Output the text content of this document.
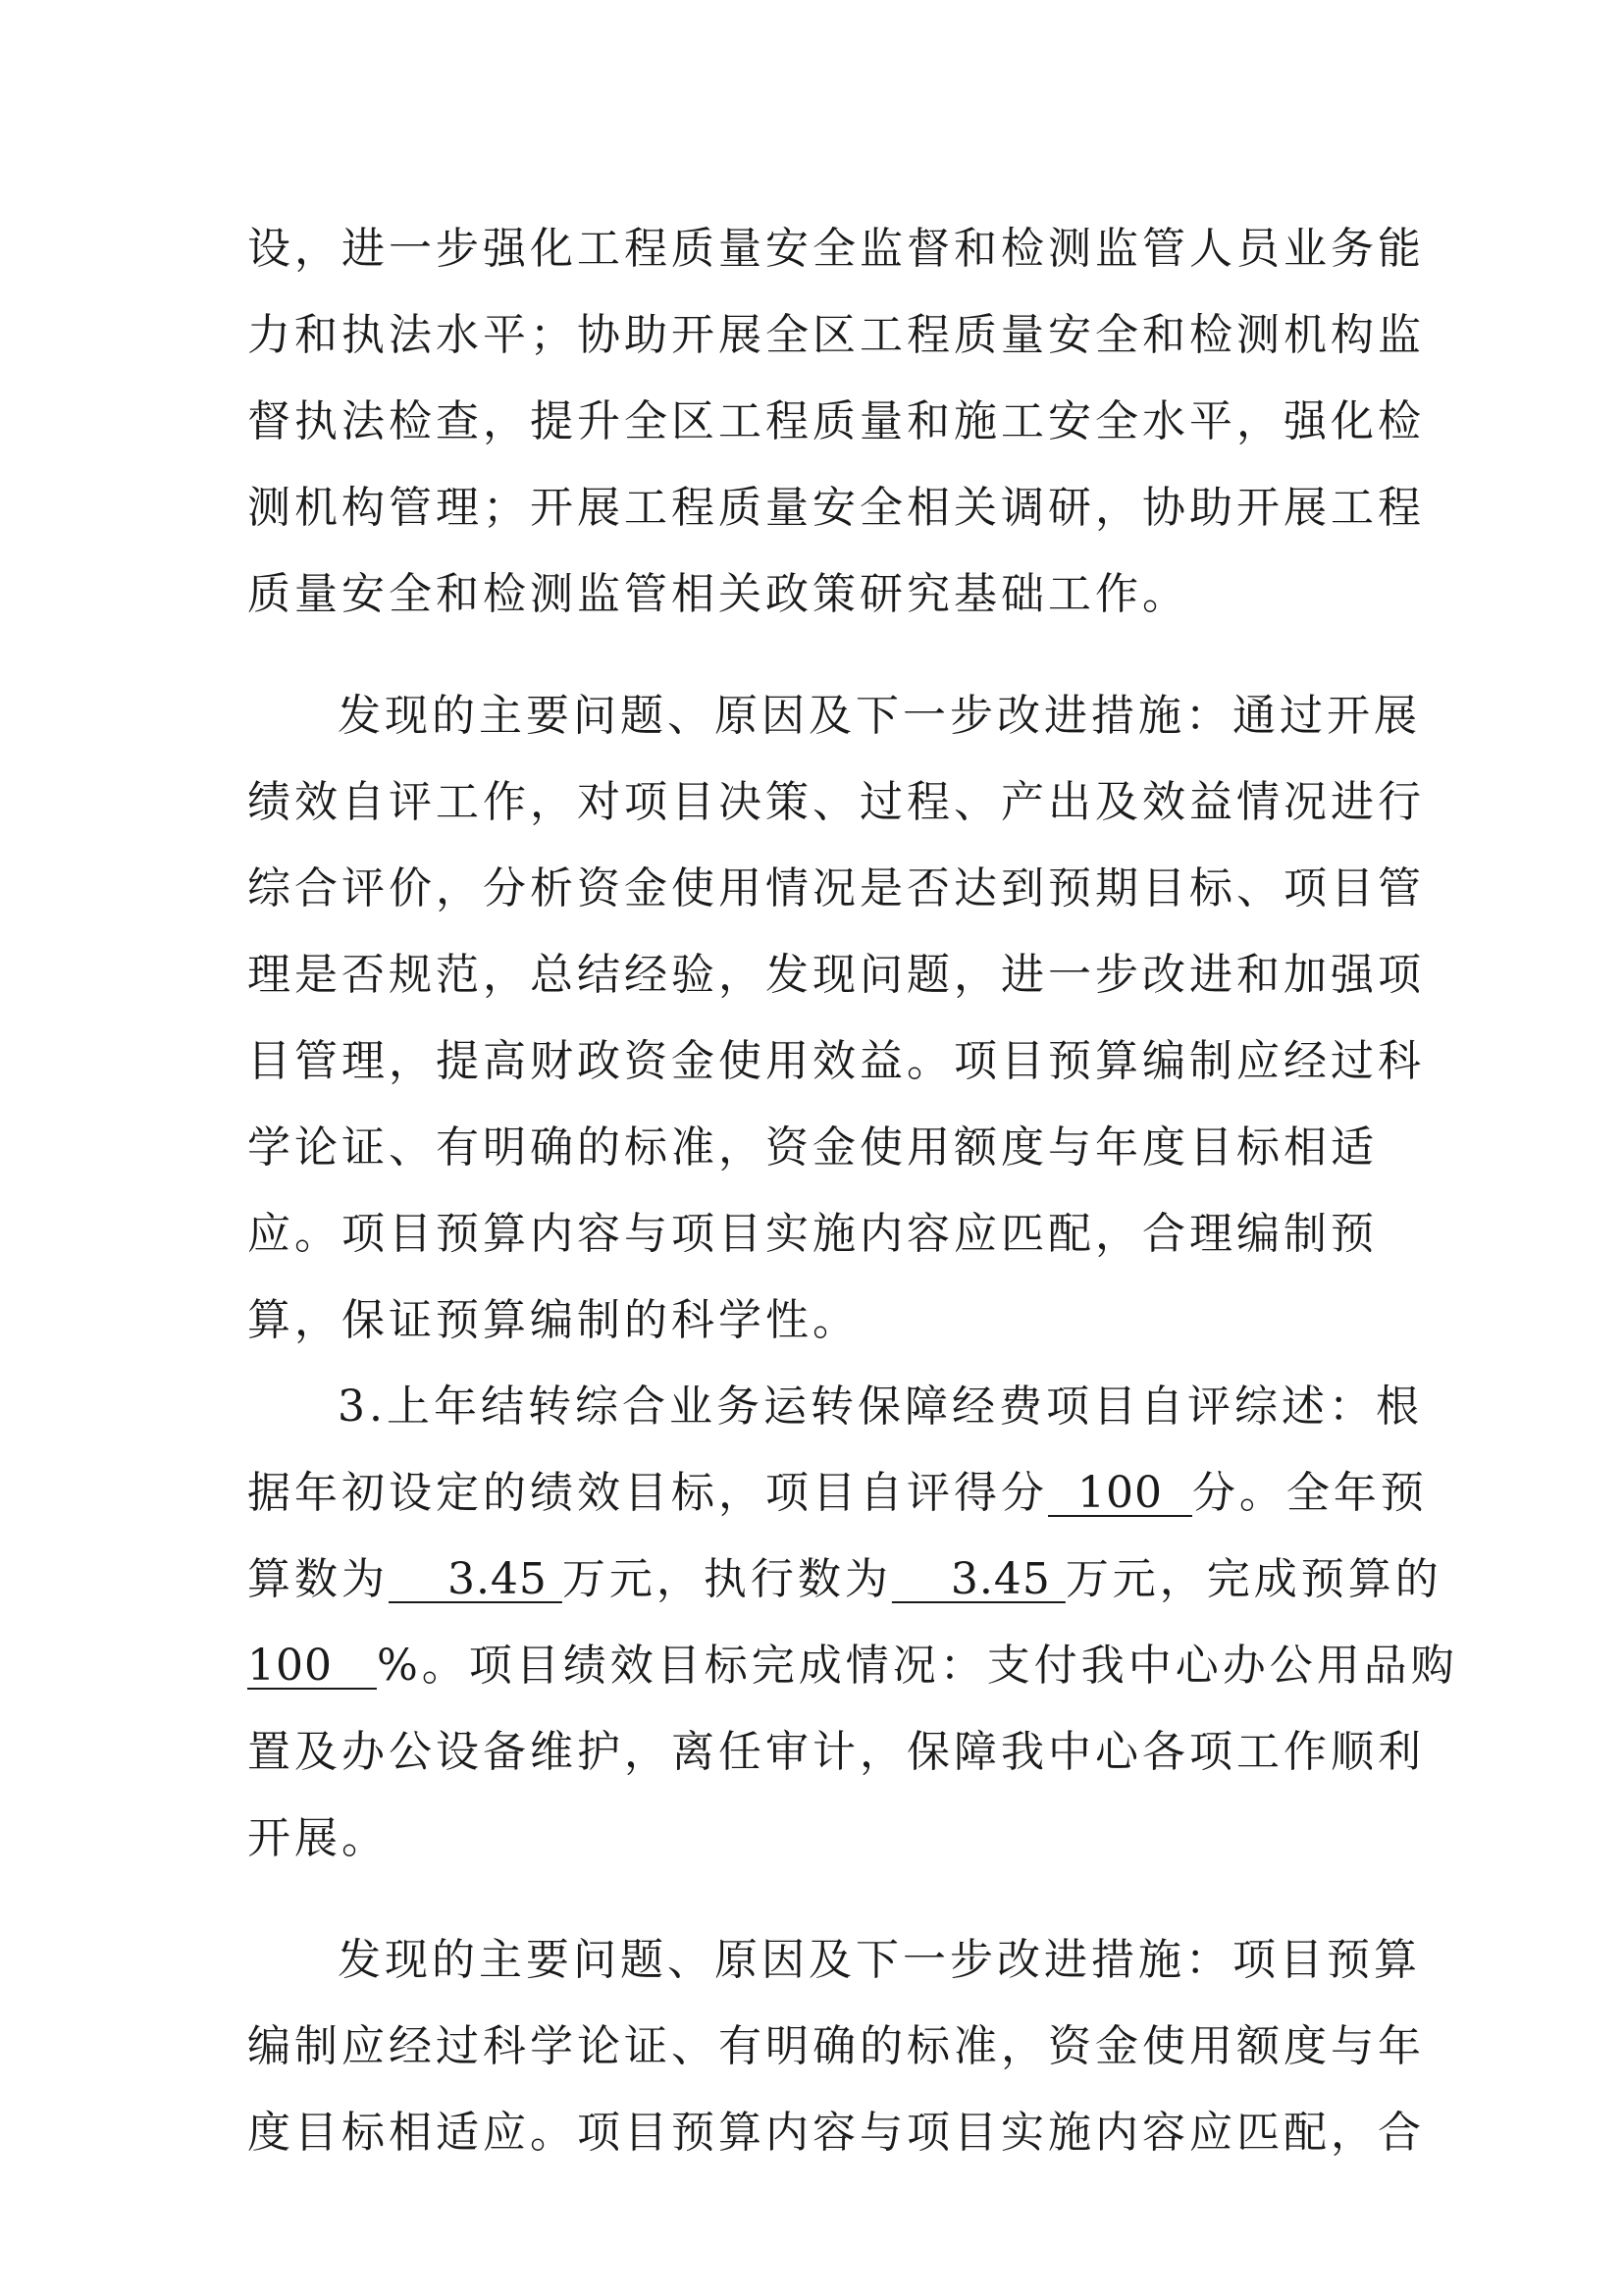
设，进一步强化工程质量安全监督和检测监管人员业务能
力和执法水平；协助开展全区工程质量安全和检测机构监
督执法检查，提升全区工程质量和施工安全水平，强化检
测机构管理；开展工程质量安全相关调研，协助开展工程
质量安全和检测监管相关政策研究基础工作。
发现的主要问题、原因及下一步改进措施：通过开展
绩效自评工作，对项目决策、过程、产出及效益情况进行
综合评价，分析资金使用情况是否达到预期目标、项目管
理是否规范，总结经验，发现问题，进一步改进和加强项
目管理，提高财政资金使用效益。项目预算编制应经过科
学论证、有明确的标准，资金使用额度与年度目标相适
应。项目预算内容与项目实施内容应匹配，合理编制预
算，保证预算编制的科学性。
3.上年结转综合业务运转保障经费项目自评综述：根
据年初设定的绩效目标，项目自评得分  100  分。全年预
算数为    3.45 万元，执行数为    3.45 万元，完成预算的
100   %。项目绩效目标完成情况：支付我中心办公用品购
置及办公设备维护，离任审计，保障我中心各项工作顺利
开展。
发现的主要问题、原因及下一步改进措施：项目预算
编制应经过科学论证、有明确的标准，资金使用额度与年
度目标相适应。项目预算内容与项目实施内容应匹配，合
